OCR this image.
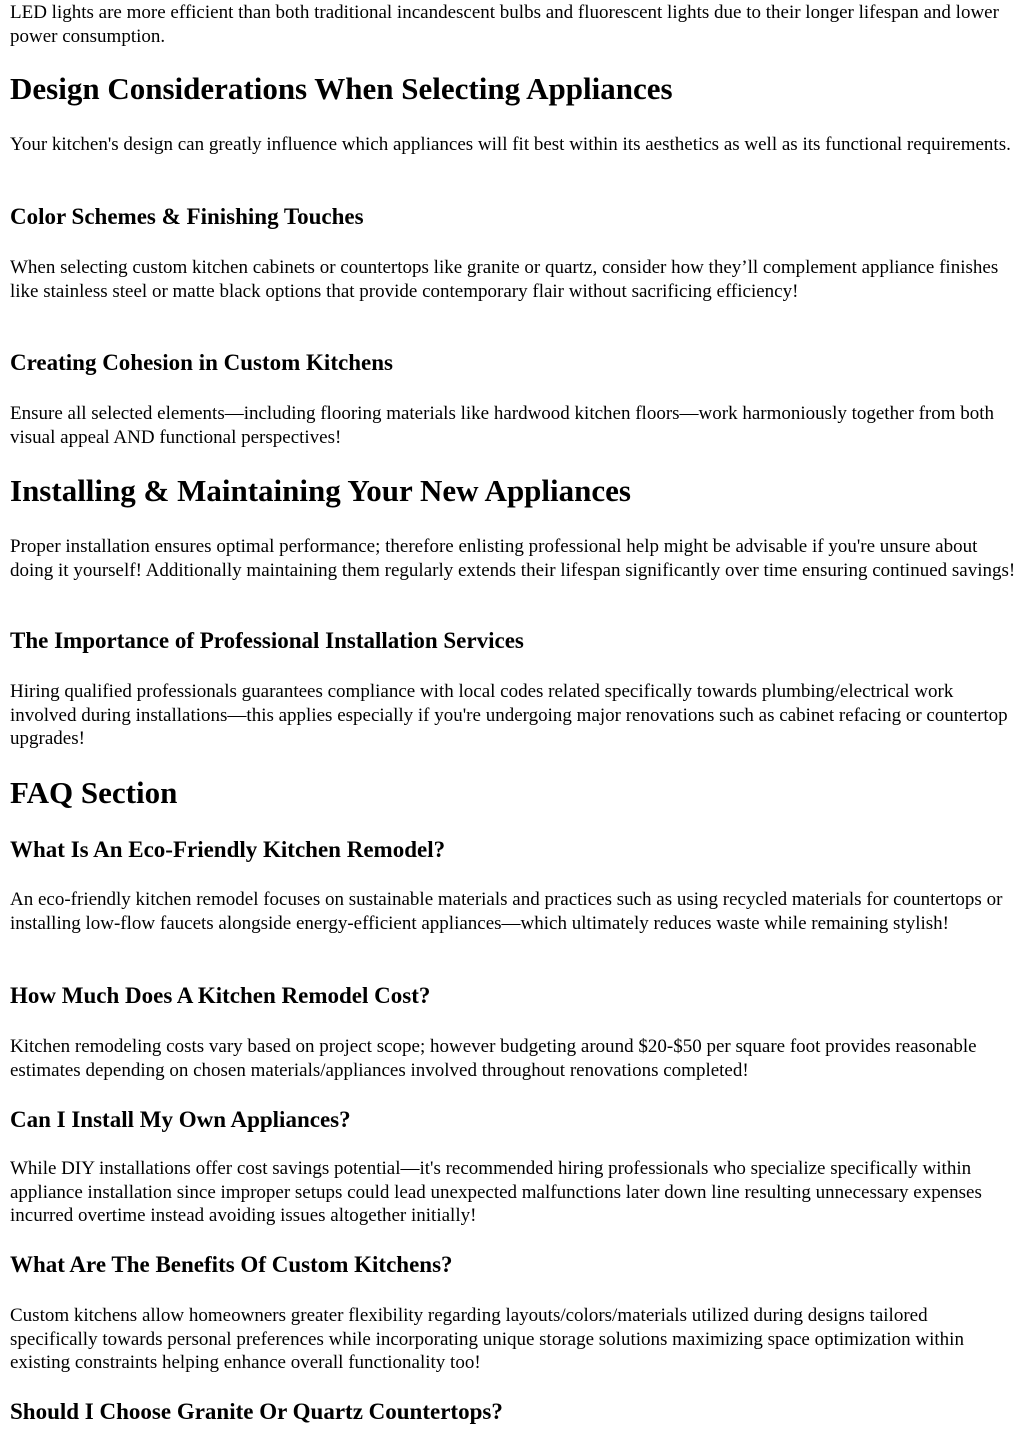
LED lights are more efficient than both traditional incandescent bulbs and fluorescent lights due to their longer lifespan and lower power consumption.

Design Considerations When Selecting Appliances

Your kitchen's design can greatly influence which appliances will fit best within its aesthetics as well as its functional requirements.

Color Schemes & Finishing Touches

When selecting custom kitchen cabinets or countertops like granite or quartz, consider how they’ll complement appliance finishes like stainless steel or matte black options that provide contemporary flair without sacrificing efficiency!

Creating Cohesion in Custom Kitchens

Ensure all selected elements—including flooring materials like hardwood kitchen floors—work harmoniously together from both visual appeal AND functional perspectives!

Installing & Maintaining Your New Appliances

Proper installation ensures optimal performance; therefore enlisting professional help might be advisable if you're unsure about doing it yourself! Additionally maintaining them regularly extends their lifespan significantly over time ensuring continued savings!

The Importance of Professional Installation Services

Hiring qualified professionals guarantees compliance with local codes related specifically towards plumbing/electrical work involved during installations—this applies especially if you're undergoing major renovations such as cabinet refacing or countertop upgrades!

FAQ Section
What Is An Eco-Friendly Kitchen Remodel?

An eco-friendly kitchen remodel focuses on sustainable materials and practices such as using recycled materials for countertops or installing low-flow faucets alongside energy-efficient appliances—which ultimately reduces waste while remaining stylish!

How Much Does A Kitchen Remodel Cost?

Kitchen remodeling costs vary based on project scope; however budgeting around $20-$50 per square foot provides reasonable estimates depending on chosen materials/appliances involved throughout renovations completed!

Can I Install My Own Appliances?

While DIY installations offer cost savings potential—it's recommended hiring professionals who specialize specifically within appliance installation since improper setups could lead unexpected malfunctions later down line resulting unnecessary expenses incurred overtime instead avoiding issues altogether initially!

What Are The Benefits Of Custom Kitchens?

Custom kitchens allow homeowners greater flexibility regarding layouts/colors/materials utilized during designs tailored specifically towards personal preferences while incorporating unique storage solutions maximizing space optimization within existing constraints helping enhance overall functionality too!

Should I Choose Granite Or Quartz Countertops?
